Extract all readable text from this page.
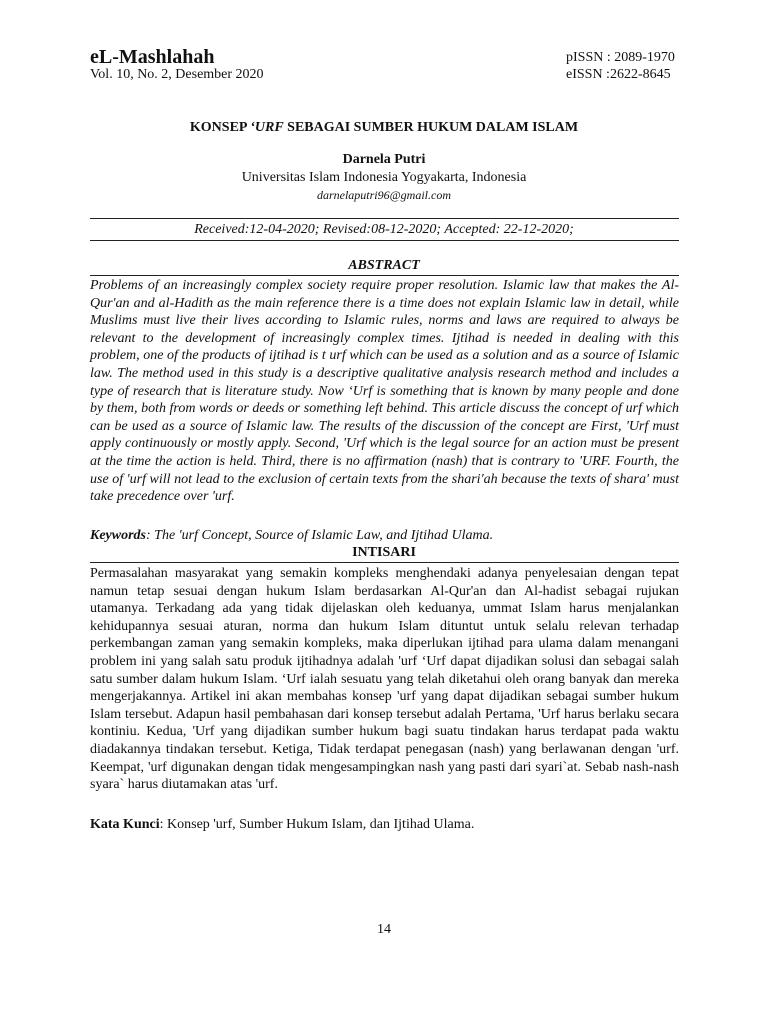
eL-Mashlahah
Vol. 10, No. 2, Desember 2020
pISSN : 2089-1970
eISSN :2622-8645
KONSEP ‘URF SEBAGAI SUMBER HUKUM DALAM ISLAM
Darnela Putri
Universitas Islam Indonesia Yogyakarta, Indonesia
darnelaputri96@gmail.com
Received:12-04-2020; Revised:08-12-2020; Accepted: 22-12-2020;
ABSTRACT

Problems of an increasingly complex society require proper resolution. Islamic law that makes the Al-Qur'an and al-Hadith as the main reference there is a time does not explain Islamic law in detail, while Muslims must live their lives according to Islamic rules, norms and laws are required to always be relevant to the development of increasingly complex times. Ijtihad is needed in dealing with this problem, one of the products of ijtihad is t urf which can be used as a solution and as a source of Islamic law. The method used in this study is a descriptive qualitative analysis research method and includes a type of research that is literature study. Now ‘Urf is something that is known by many people and done by them, both from words or deeds or something left behind. This article discuss the concept of urf which can be used as a source of Islamic law. The results of the discussion of the concept are First, 'Urf must apply continuously or mostly apply. Second, 'Urf which is the legal source for an action must be present at the time the action is held. Third, there is no affirmation (nash) that is contrary to 'URF. Fourth, the use of 'urf will not lead to the exclusion of certain texts from the shari'ah because the texts of shara' must take precedence over 'urf.

Keywords: The 'urf Concept, Source of Islamic Law, and Ijtihad Ulama.
INTISARI

Permasalahan masyarakat yang semakin kompleks menghendaki adanya penyelesaian dengan tepat namun tetap sesuai dengan hukum Islam berdasarkan Al-Qur'an dan Al-hadist sebagai rujukan utamanya. Terkadang ada yang tidak dijelaskan oleh keduanya, ummat Islam harus menjalankan kehidupannya sesuai aturan, norma dan hukum Islam dituntut untuk selalu relevan terhadap perkembangan zaman yang semakin kompleks, maka diperlukan ijtihad para ulama dalam menangani problem ini yang salah satu produk ijtihadnya adalah 'urf ‘Urf dapat dijadikan solusi dan sebagai salah satu sumber dalam hukum Islam. ‘Urf ialah sesuatu yang telah diketahui oleh orang banyak dan mereka mengerjakannya. Artikel ini akan membahas konsep 'urf yang dapat dijadikan sebagai sumber hukum Islam tersebut. Adapun hasil pembahasan dari konsep tersebut adalah Pertama, 'Urf harus berlaku secara kontiniu. Kedua, 'Urf yang dijadikan sumber hukum bagi suatu tindakan harus terdapat pada waktu diadakannya tindakan tersebut. Ketiga, Tidak terdapat penegasan (nash) yang berlawanan dengan 'urf. Keempat, 'urf digunakan dengan tidak mengesampingkan nash yang pasti dari syari`at. Sebab nash-nash syara` harus diutamakan atas 'urf.

Kata Kunci: Konsep 'urf, Sumber Hukum Islam, dan Ijtihad Ulama.
14
